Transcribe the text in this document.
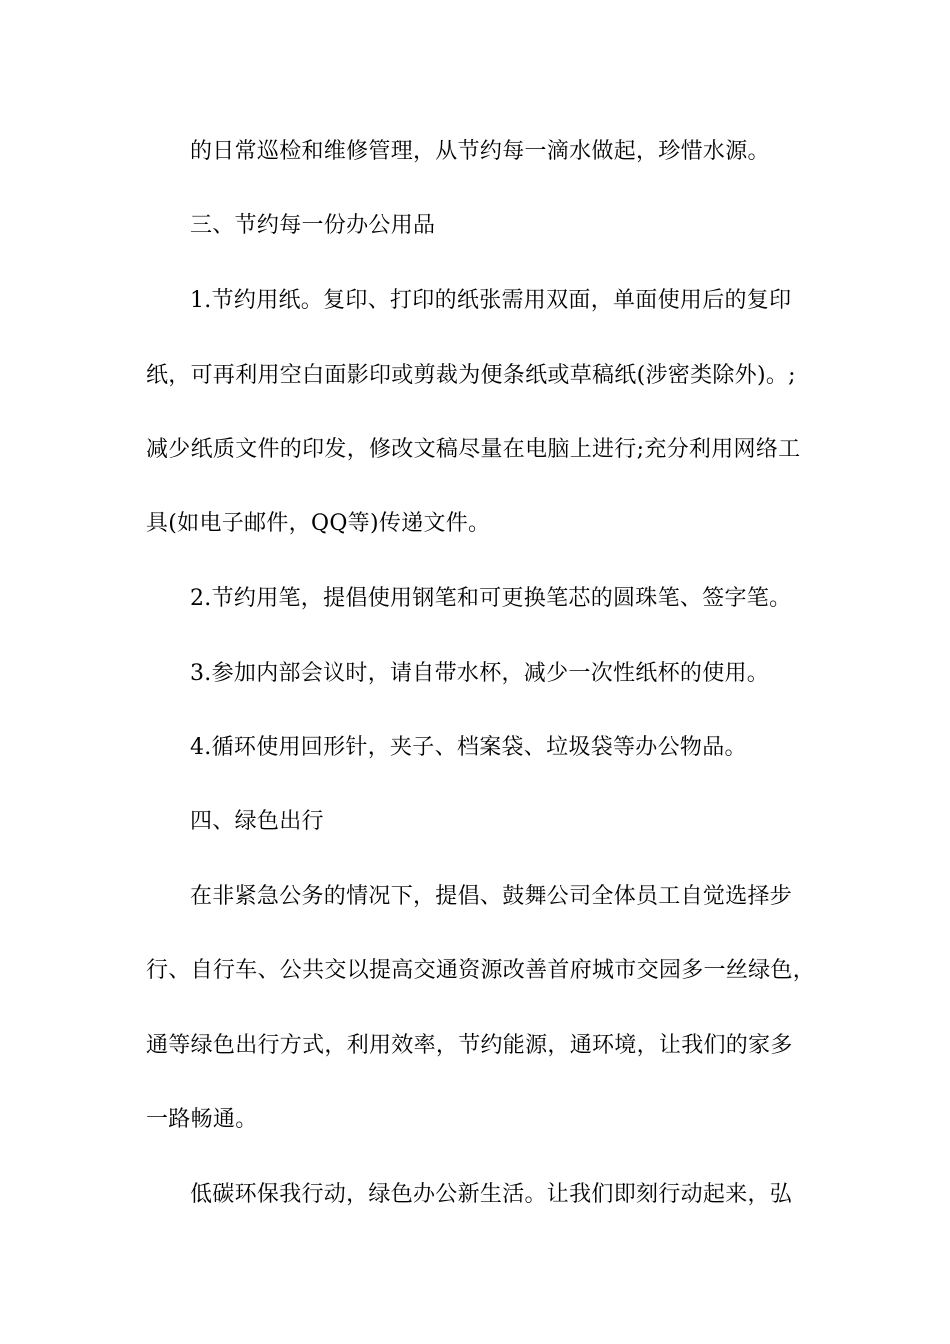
的日常巡检和维修管理，从节约每一滴水做起，珍惜水源。
三、节约每一份办公用品
1.节约用纸。复印、打印的纸张需用双面，单面使用后的复印
纸，可再利用空白面影印或剪裁为便条纸或草稿纸(涉密类除外)。;
减少纸质文件的印发，修改文稿尽量在电脑上进行;充分利用网络工
具(如电子邮件，QQ等)传递文件。
2.节约用笔，提倡使用钢笔和可更换笔芯的圆珠笔、签字笔。
3.参加内部会议时，请自带水杯，减少一次性纸杯的使用。
4.循环使用回形针，夹子、档案袋、垃圾袋等办公物品。
四、绿色出行
在非紧急公务的情况下，提倡、鼓舞公司全体员工自觉选择步
行、自行车、公共交以提高交通资源改善首府城市交园多一丝绿色，
通等绿色出行方式，利用效率，节约能源，通环境，让我们的家多
一路畅通。
低碳环保我行动，绿色办公新生活。让我们即刻行动起来，弘
